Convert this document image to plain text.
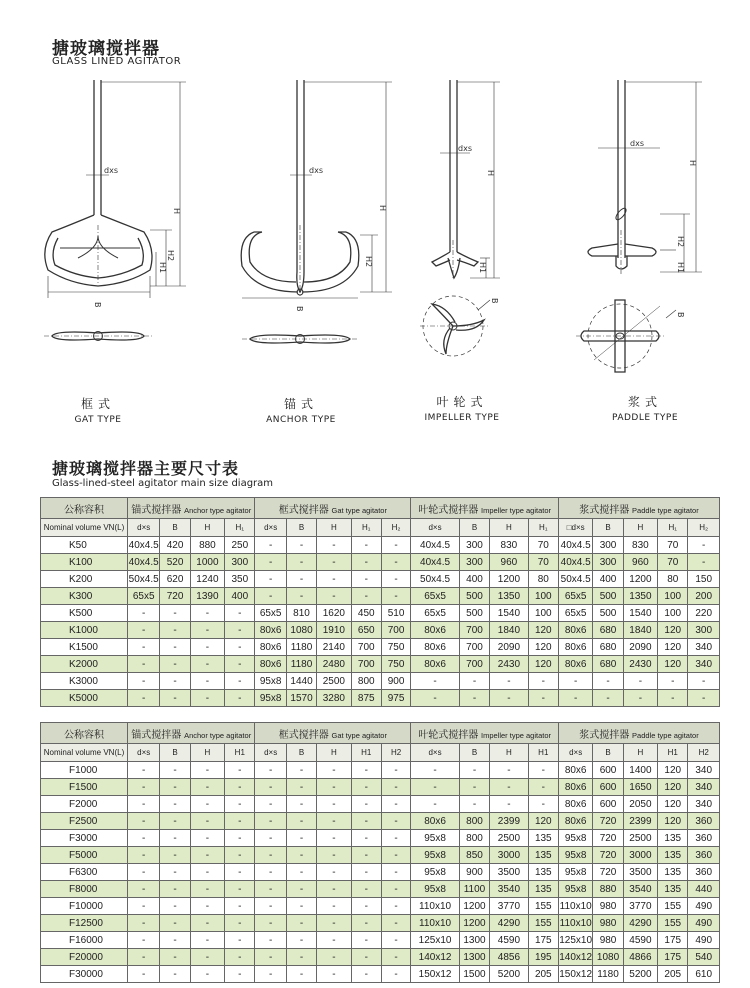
搪玻璃搅拌器
GLASS LINED AGITATOR
dxs
H
H1
H2
B
dxs
H
H2
B
dxs
H
H1
B
dxs
H
H2
H1
B
框式
GAT TYPE
锚式
ANCHOR TYPE
叶轮式
IMPELLER TYPE
浆式
PADDLE TYPE
搪玻璃搅拌器主要尺寸表
Glass-lined-steel agitator main size diagram
公称容积	锚式搅拌器 Anchor type agitator				框式搅拌器 Gat type agitator					叶轮式搅拌器 Impeller type agitator				浆式搅拌器 Paddle type agitator				
Nominal volume VN(L)	d×s	B	H	H₁	d×s	B	H	H₁	H₂	d×s	B	H	H₁	□d×s	B	H	H₁	H₂
K50	40x4.5	420	880	250	-	-	-	-	-	40x4.5	300	830	70	40x4.5	300	830	70	-
K100	40x4.5	520	1000	300	-	-	-	-	-	40x4.5	300	960	70	40x4.5	300	960	70	-
K200	50x4.5	620	1240	350	-	-	-	-	-	50x4.5	400	1200	80	50x4.5	400	1200	80	150
K300	65x5	720	1390	400	-	-	-	-	-	65x5	500	1350	100	65x5	500	1350	100	200
K500	-	-	-	-	65x5	810	1620	450	510	65x5	500	1540	100	65x5	500	1540	100	220
K1000	-	-	-	-	80x6	1080	1910	650	700	80x6	700	1840	120	80x6	680	1840	120	300
K1500	-	-	-	-	80x6	1180	2140	700	750	80x6	700	2090	120	80x6	680	2090	120	340
K2000	-	-	-	-	80x6	1180	2480	700	750	80x6	700	2430	120	80x6	680	2430	120	340
K3000	-	-	-	-	95x8	1440	2500	800	900	-	-	-	-	-	-	-	-	-
K5000	-	-	-	-	95x8	1570	3280	875	975	-	-	-	-	-	-	-	-	-
公称容积	锚式搅拌器 Anchor type agitator				框式搅拌器 Gat type agitator					叶轮式搅拌器 Impeller type agitator				浆式搅拌器 Paddle type agitator				
Nominal volume VN(L)	d×s	B	H	H1	d×s	B	H	H1	H2	d×s	B	H	H1	d×s	B	H	H1	H2
F1000	-	-	-	-	-	-	-	-	-	-	-	-	-	80x6	600	1400	120	340
F1500	-	-	-	-	-	-	-	-	-	-	-	-	-	80x6	600	1650	120	340
F2000	-	-	-	-	-	-	-	-	-	-	-	-	-	80x6	600	2050	120	340
F2500	-	-	-	-	-	-	-	-	-	80x6	800	2399	120	80x6	720	2399	120	360
F3000	-	-	-	-	-	-	-	-	-	95x8	800	2500	135	95x8	720	2500	135	360
F5000	-	-	-	-	-	-	-	-	-	95x8	850	3000	135	95x8	720	3000	135	360
F6300	-	-	-	-	-	-	-	-	-	95x8	900	3500	135	95x8	720	3500	135	360
F8000	-	-	-	-	-	-	-	-	-	95x8	1100	3540	135	95x8	880	3540	135	440
F10000	-	-	-	-	-	-	-	-	-	110x10	1200	3770	155	110x10	980	3770	155	490
F12500	-	-	-	-	-	-	-	-	-	110x10	1200	4290	155	110x10	980	4290	155	490
F16000	-	-	-	-	-	-	-	-	-	125x10	1300	4590	175	125x10	980	4590	175	490
F20000	-	-	-	-	-	-	-	-	-	140x12	1300	4856	195	140x12	1080	4866	175	540
F30000	-	-	-	-	-	-	-	-	-	150x12	1500	5200	205	150x12	1180	5200	205	610
